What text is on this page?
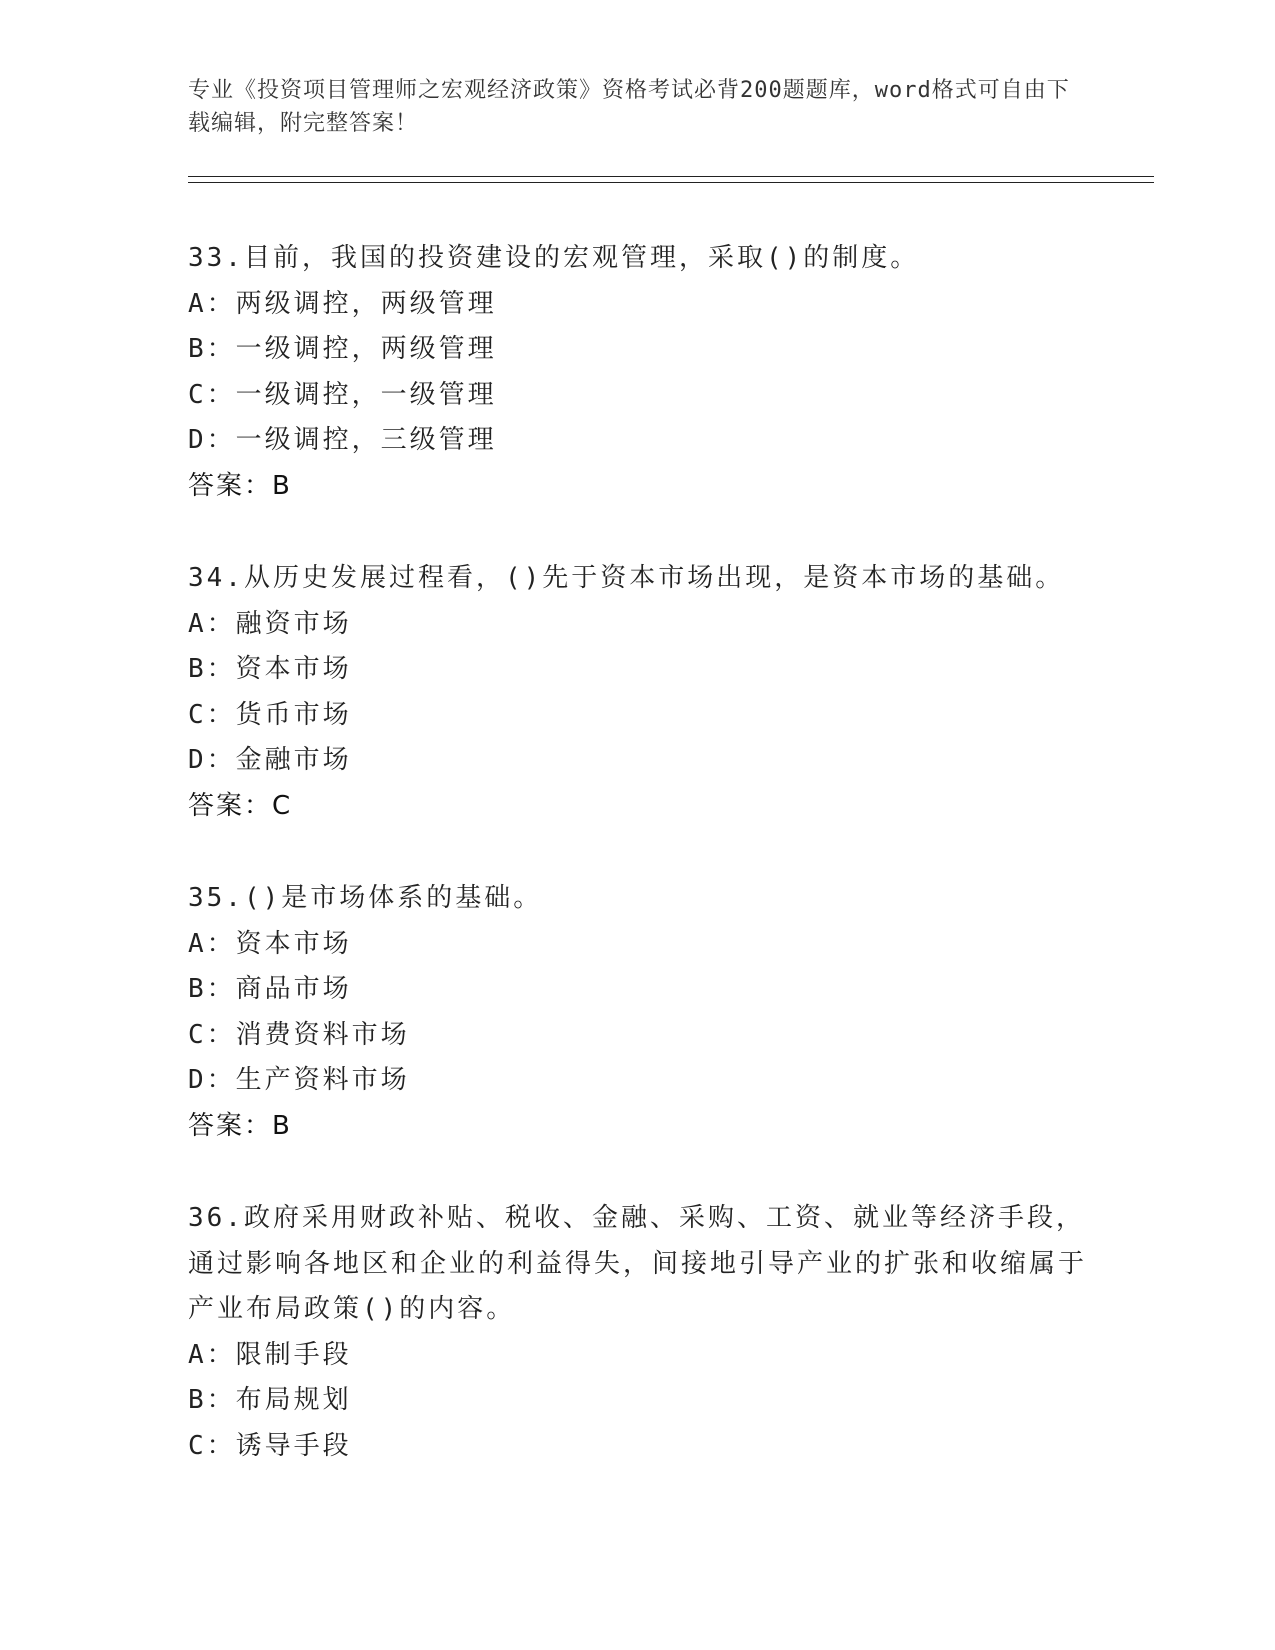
专业《投资项目管理师之宏观经济政策》资格考试必背200题题库，word格式可自由下载编辑，附完整答案！
33.目前，我国的投资建设的宏观管理，采取()的制度。
A：两级调控，两级管理
B：一级调控，两级管理
C：一级调控，一级管理
D：一级调控，三级管理
答案：B
34.从历史发展过程看，()先于资本市场出现，是资本市场的基础。
A：融资市场
B：资本市场
C：货币市场
D：金融市场
答案：C
35.()是市场体系的基础。
A：资本市场
B：商品市场
C：消费资料市场
D：生产资料市场
答案：B
36.政府采用财政补贴、税收、金融、采购、工资、就业等经济手段，通过影响各地区和企业的利益得失，间接地引导产业的扩张和收缩属于产业布局政策()的内容。
A：限制手段
B：布局规划
C：诱导手段
